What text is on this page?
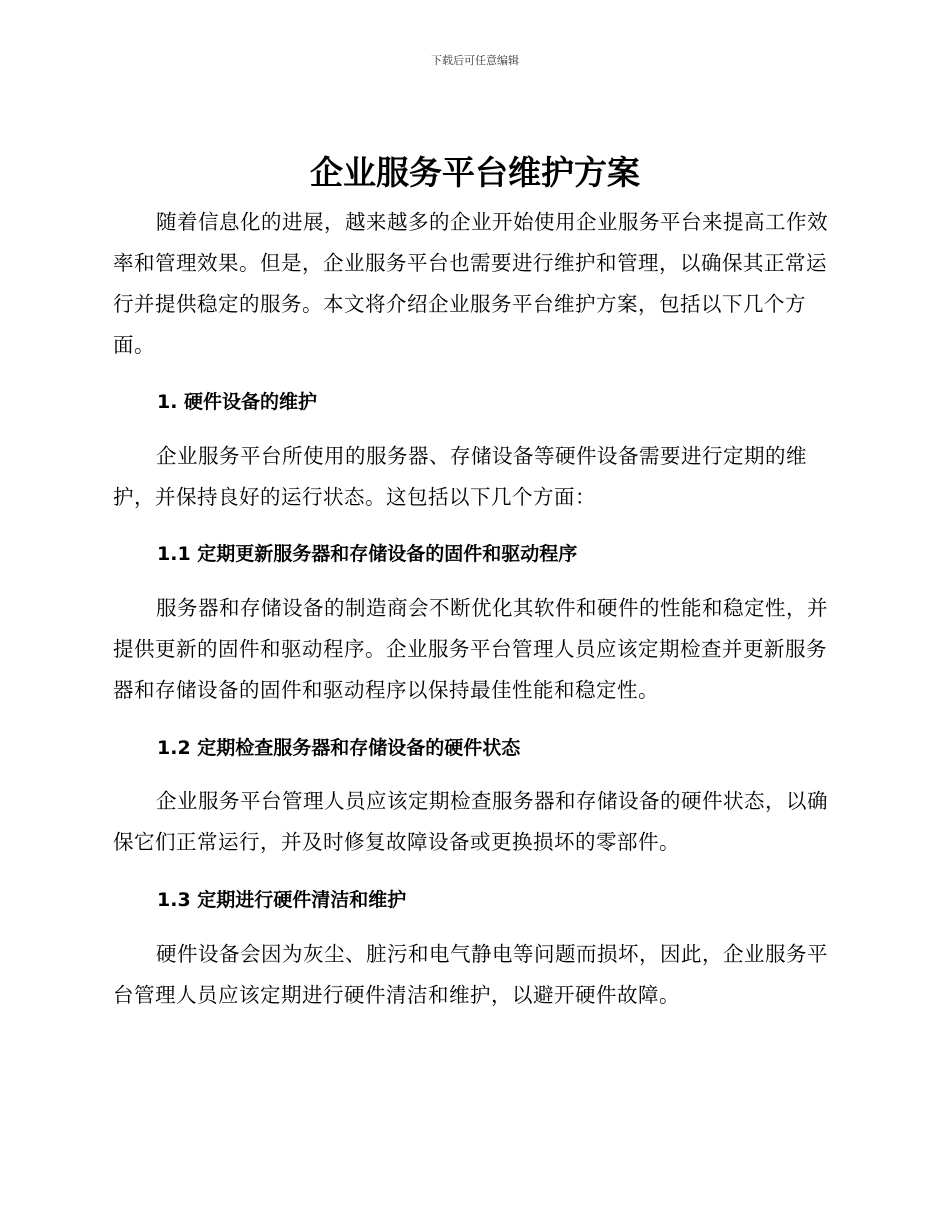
下载后可任意编辑
企业服务平台维护方案

随着信息化的进展，越来越多的企业开始使用企业服务平台来提高工作效率和管理效果。但是，企业服务平台也需要进行维护和管理，以确保其正常运行并提供稳定的服务。本文将介绍企业服务平台维护方案，包括以下几个方面。

1. 硬件设备的维护

企业服务平台所使用的服务器、存储设备等硬件设备需要进行定期的维护，并保持良好的运行状态。这包括以下几个方面：

1.1 定期更新服务器和存储设备的固件和驱动程序

服务器和存储设备的制造商会不断优化其软件和硬件的性能和稳定性，并提供更新的固件和驱动程序。企业服务平台管理人员应该定期检查并更新服务器和存储设备的固件和驱动程序以保持最佳性能和稳定性。

1.2 定期检查服务器和存储设备的硬件状态

企业服务平台管理人员应该定期检查服务器和存储设备的硬件状态，以确保它们正常运行，并及时修复故障设备或更换损坏的零部件。

1.3 定期进行硬件清洁和维护

硬件设备会因为灰尘、脏污和电气静电等问题而损坏，因此，企业服务平台管理人员应该定期进行硬件清洁和维护，以避开硬件故障。
